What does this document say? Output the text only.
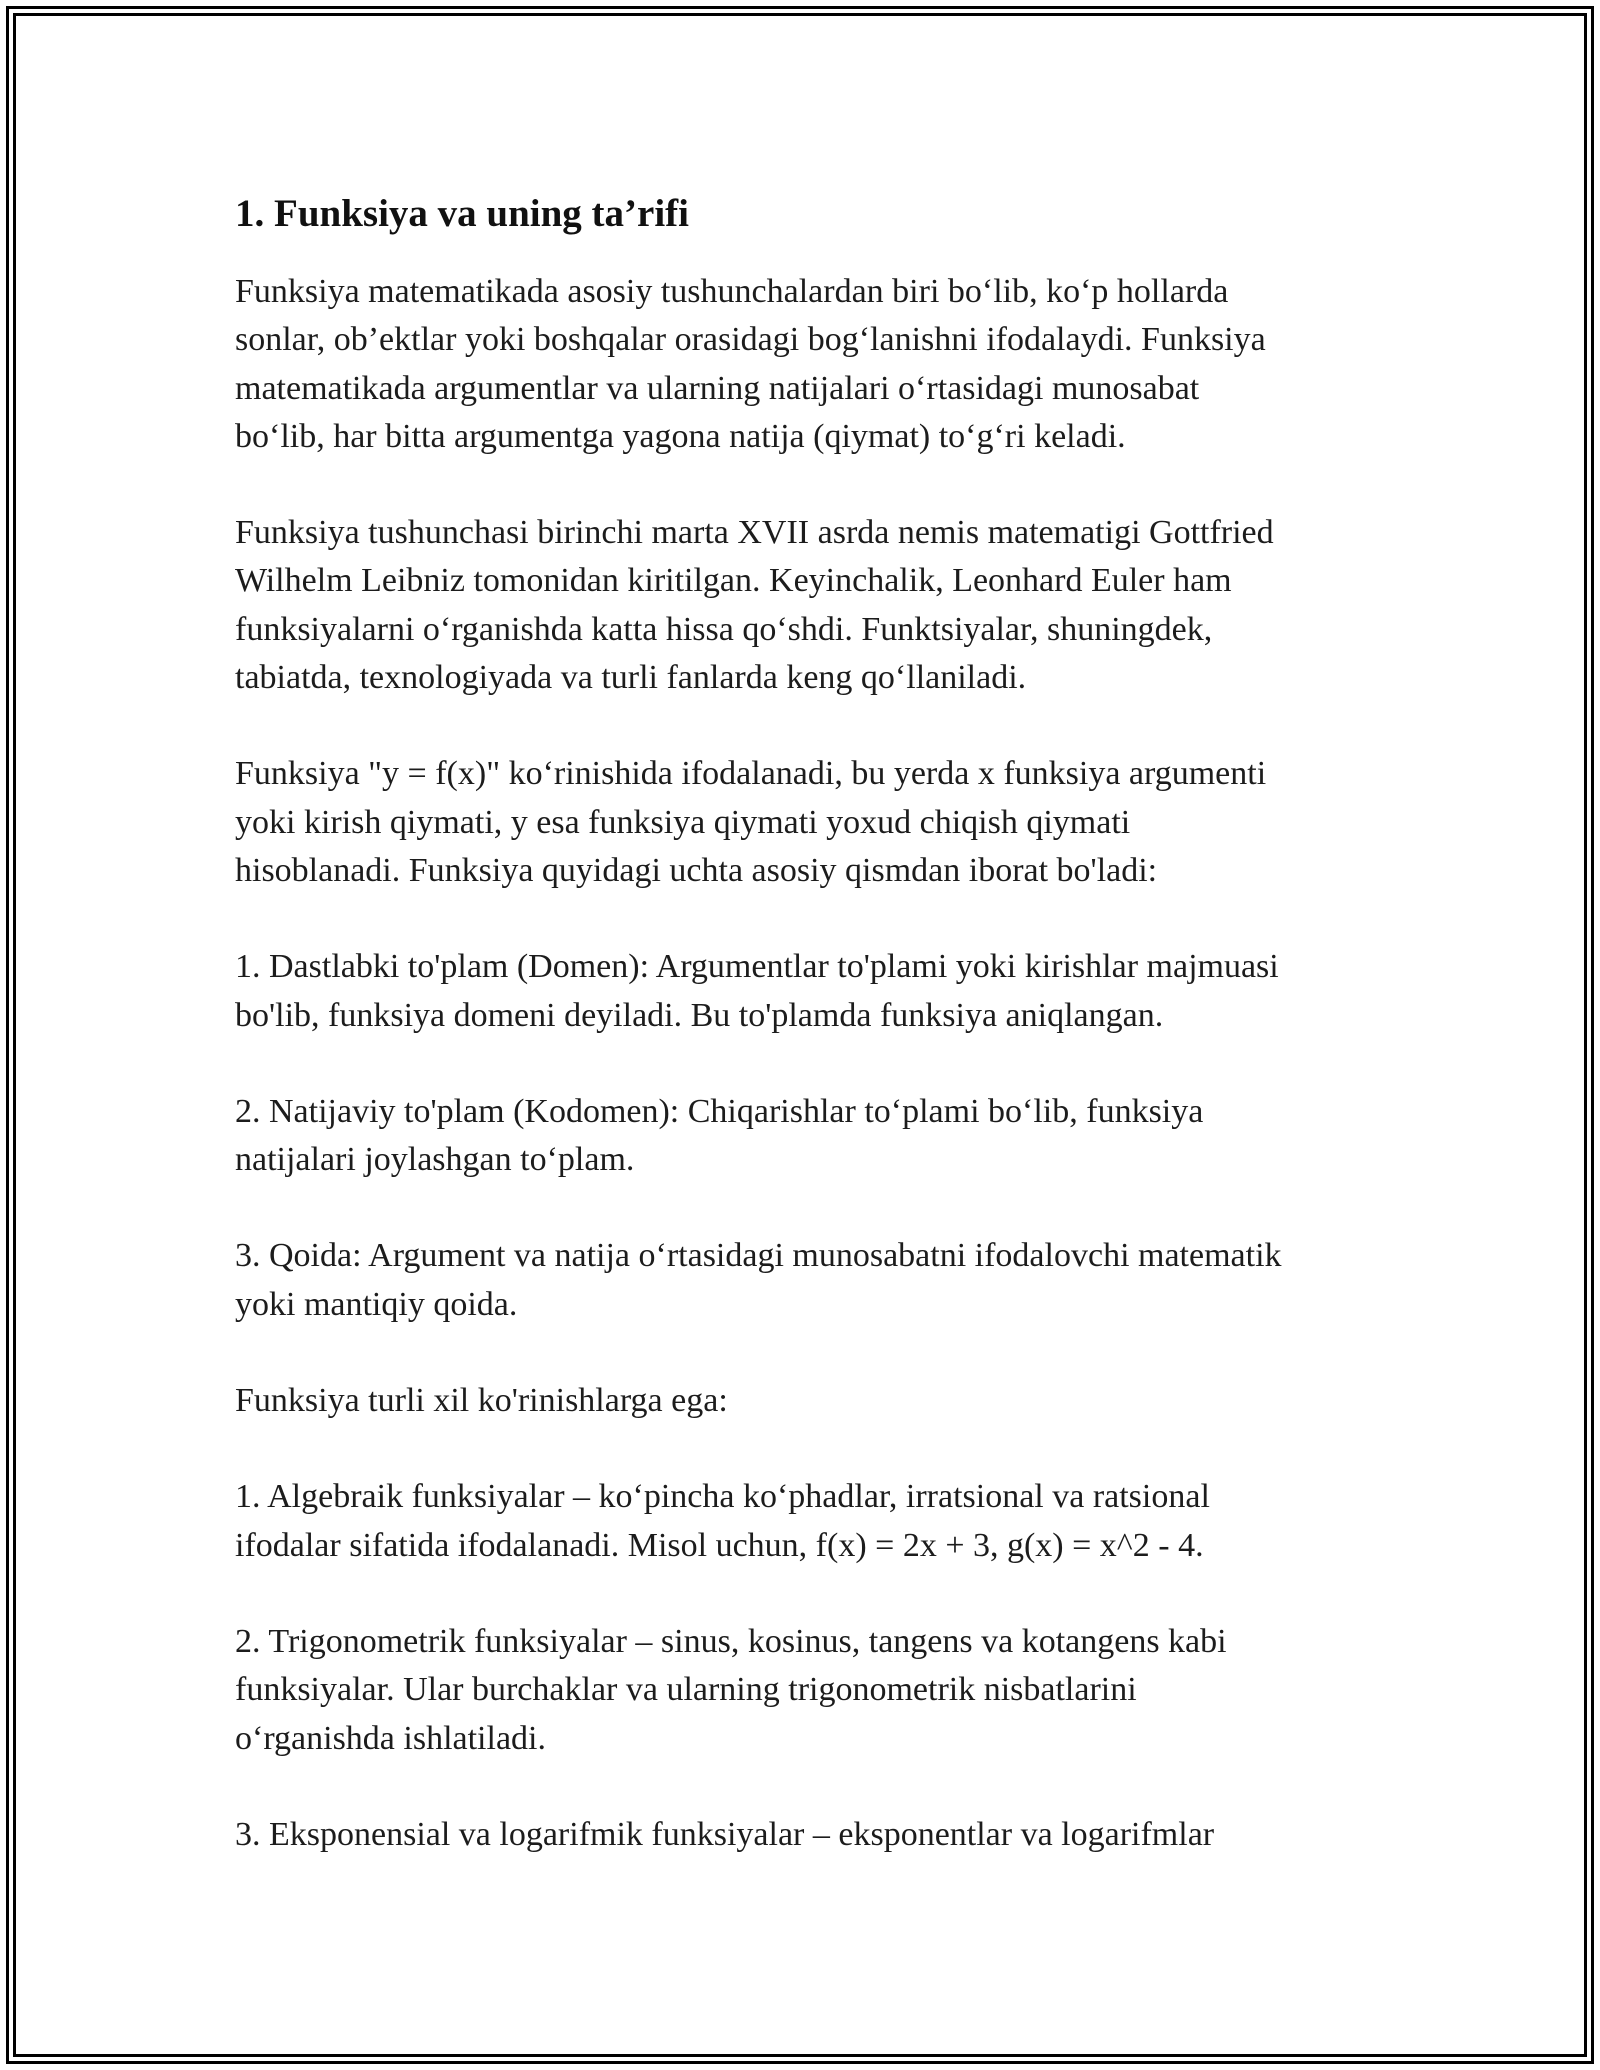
1. Funksiya va uning ta’rifi

Funksiya matematikada asosiy tushunchalardan biri bo‘lib, ko‘p hollarda
sonlar, ob’ektlar yoki boshqalar orasidagi bog‘lanishni ifodalaydi. Funksiya
matematikada argumentlar va ularning natijalari o‘rtasidagi munosabat
bo‘lib, har bitta argumentga yagona natija (qiymat) to‘g‘ri keladi.

Funksiya tushunchasi birinchi marta XVII asrda nemis matematigi Gottfried
Wilhelm Leibniz tomonidan kiritilgan. Keyinchalik, Leonhard Euler ham
funksiyalarni o‘rganishda katta hissa qo‘shdi. Funktsiyalar, shuningdek,
tabiatda, texnologiyada va turli fanlarda keng qo‘llaniladi.

Funksiya "y = f(x)" ko‘rinishida ifodalanadi, bu yerda x funksiya argumenti
yoki kirish qiymati, y esa funksiya qiymati yoxud chiqish qiymati
hisoblanadi. Funksiya quyidagi uchta asosiy qismdan iborat bo'ladi:

1. Dastlabki to'plam (Domen): Argumentlar to'plami yoki kirishlar majmuasi
bo'lib, funksiya domeni deyiladi. Bu to'plamda funksiya aniqlangan.

2. Natijaviy to'plam (Kodomen): Chiqarishlar to‘plami bo‘lib, funksiya
natijalari joylashgan to‘plam.

3. Qoida: Argument va natija o‘rtasidagi munosabatni ifodalovchi matematik
yoki mantiqiy qoida.

Funksiya turli xil ko'rinishlarga ega:

1. Algebraik funksiyalar – ko‘pincha ko‘phadlar, irratsional va ratsional
ifodalar sifatida ifodalanadi. Misol uchun, f(x) = 2x + 3, g(x) = x^2 - 4.

2. Trigonometrik funksiyalar – sinus, kosinus, tangens va kotangens kabi
funksiyalar. Ular burchaklar va ularning trigonometrik nisbatlarini
o‘rganishda ishlatiladi.

3. Eksponensial va logarifmik funksiyalar – eksponentlar va logarifmlar
